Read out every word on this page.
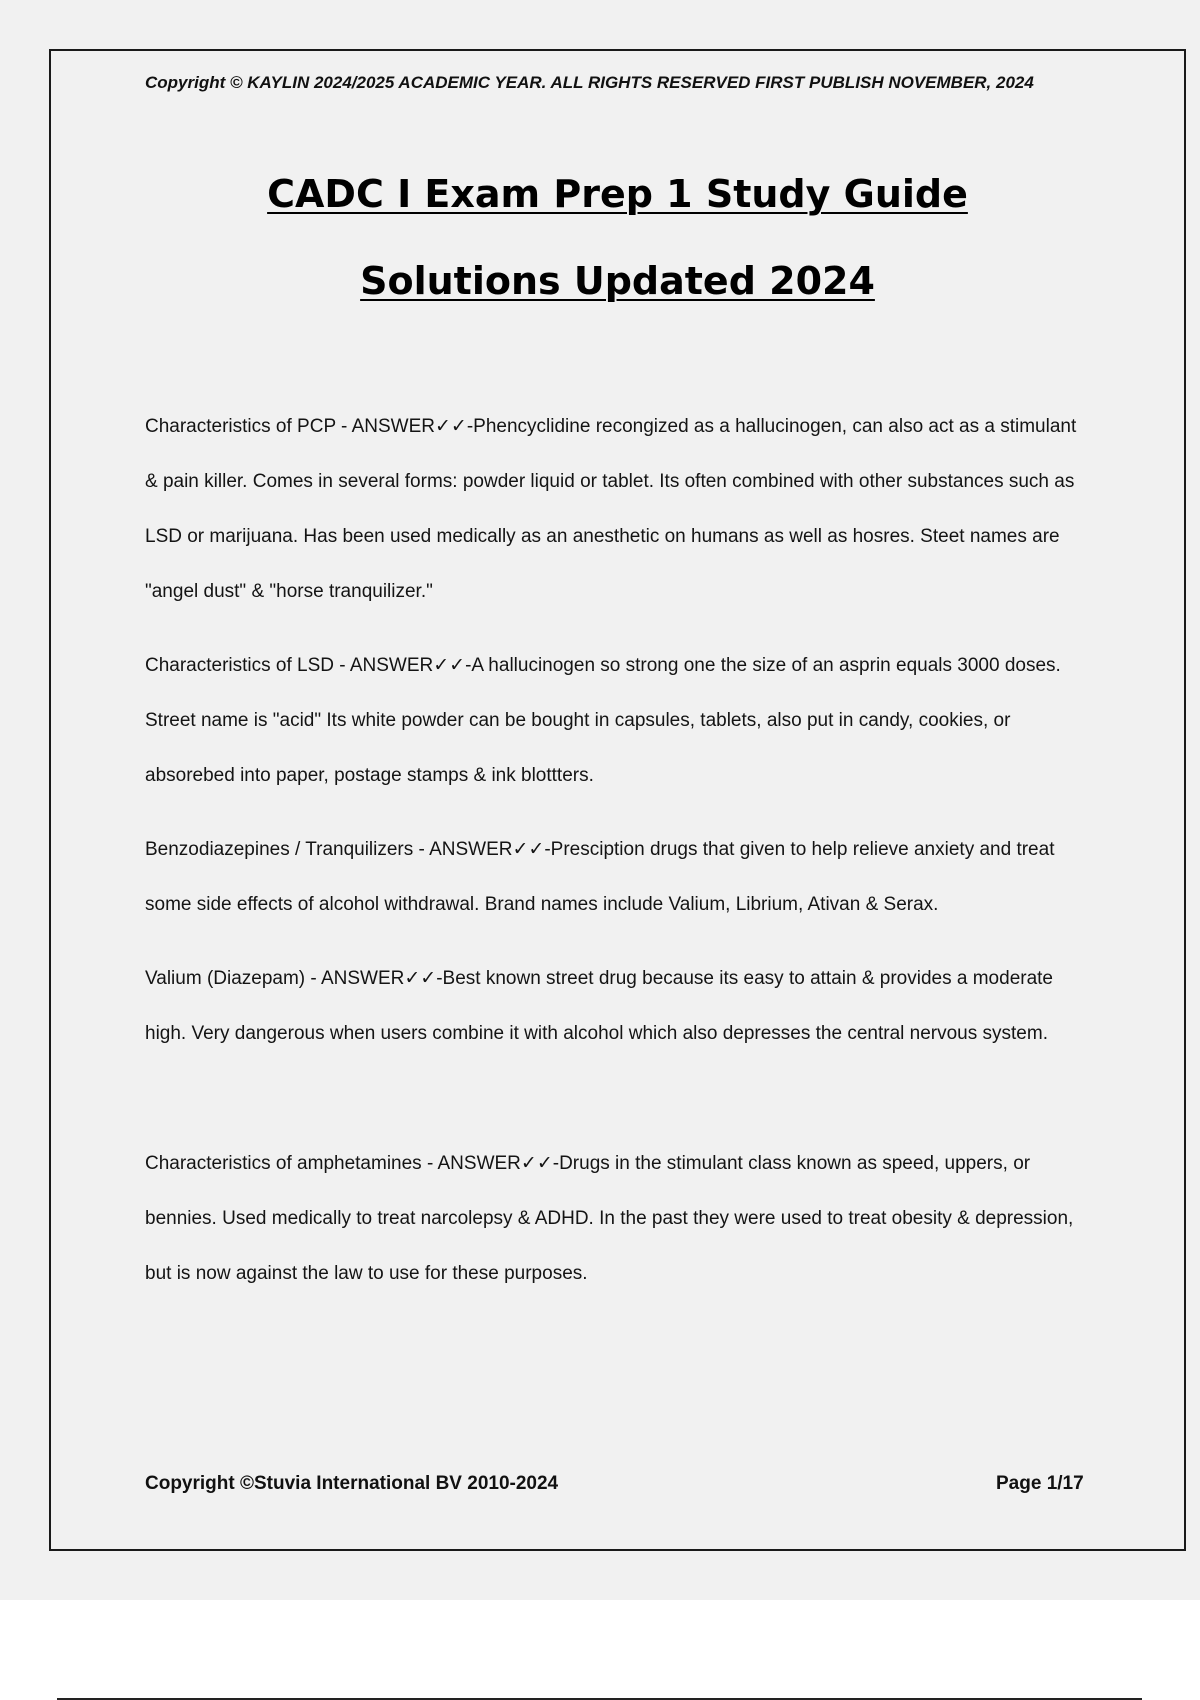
Copyright © KAYLIN 2024/2025 ACADEMIC YEAR. ALL RIGHTS RESERVED FIRST PUBLISH NOVEMBER, 2024
CADC I Exam Prep 1 Study Guide
Solutions Updated 2024

Characteristics of PCP - ANSWER✓✓-Phencyclidine recongized as a hallucinogen, can also act as a stimulant & pain killer. Comes in several forms: powder liquid or tablet. Its often combined with other substances such as LSD or marijuana. Has been used medically as an anesthetic on humans as well as hosres. Steet names are "angel dust" & "horse tranquilizer."

Characteristics of LSD - ANSWER✓✓-A hallucinogen so strong one the size of an asprin equals 3000 doses. Street name is "acid" Its white powder can be bought in capsules, tablets, also put in candy, cookies, or absorebed into paper, postage stamps & ink blottters.

Benzodiazepines / Tranquilizers - ANSWER✓✓-Presciption drugs that given to help relieve anxiety and treat some side effects of alcohol withdrawal. Brand names include Valium, Librium, Ativan & Serax.

Valium (Diazepam) - ANSWER✓✓-Best known street drug because its easy to attain & provides a moderate high. Very dangerous when users combine it with alcohol which also depresses the central nervous system.

Characteristics of amphetamines - ANSWER✓✓-Drugs in the stimulant class known as speed, uppers, or bennies. Used medically to treat narcolepsy & ADHD. In the past they were used to treat obesity & depression, but is now against the law to use for these purposes.

Copyright ©Stuvia International BV 2010-2024	Page 1/17
